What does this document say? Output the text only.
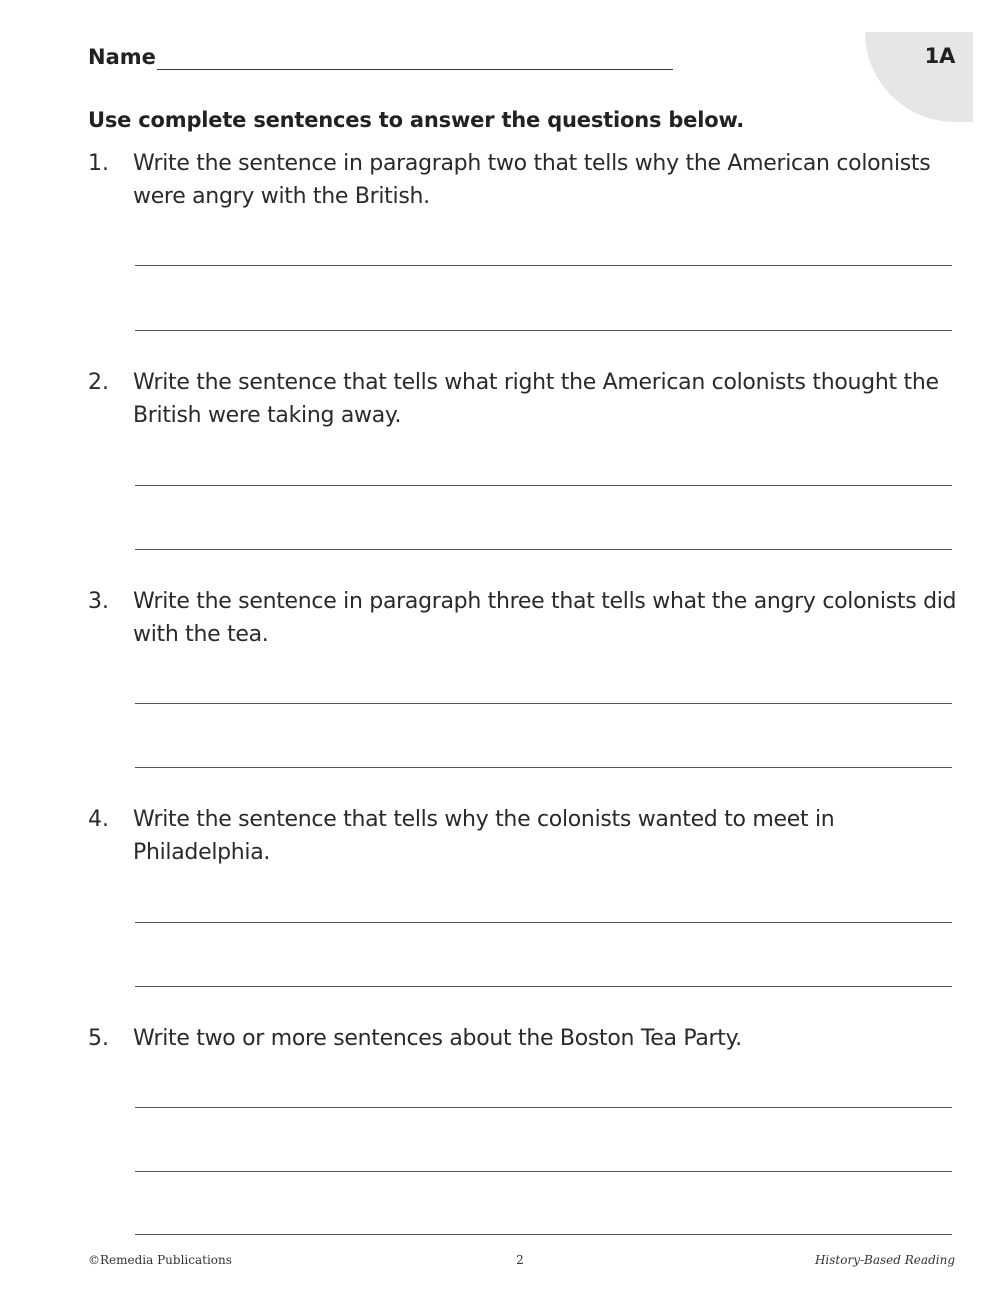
1A
Name
Use complete sentences to answer the questions below.
1. Write the sentence in paragraph two that tells why the American colonists were angry with the British.
2. Write the sentence that tells what right the American colonists thought the British were taking away.
3. Write the sentence in paragraph three that tells what the angry colonists did with the tea.
4. Write the sentence that tells why the colonists wanted to meet in Philadelphia.
5. Write two or more sentences about the Boston Tea Party.
©Remedia Publications	2	History-Based Reading
